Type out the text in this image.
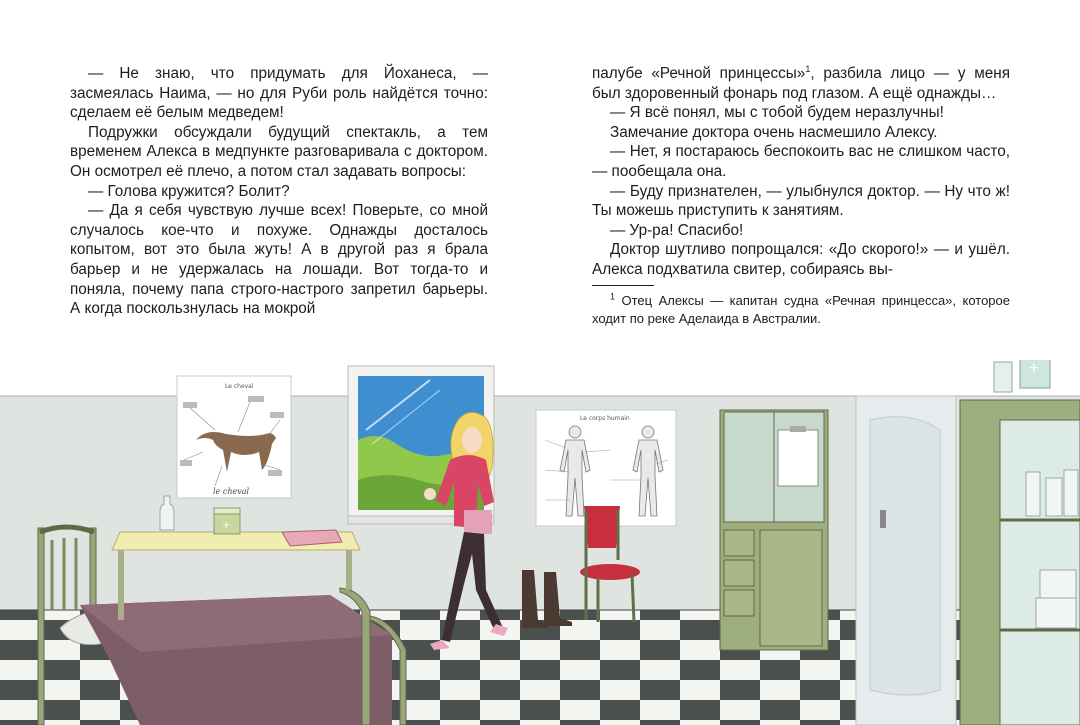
— Не знаю, что придумать для Йоханеса, — засмеялась Наима, — но для Руби роль найдётся точно: сделаем её белым медведем!

Подружки обсуждали будущий спектакль, а тем временем Алекса в медпункте разговаривала с доктором. Он осмотрел её плечо, а потом стал задавать вопросы:

— Голова кружится? Болит?

— Да я себя чувствую лучше всех! Поверьте, со мной случалось кое-что и похуже. Однажды досталось копытом, вот это была жуть! А в другой раз я брала барьер и не удержалась на лошади. Вот тогда-то и поняла, почему папа строго-настрого запретил барьеры. А когда поскользнулась на мокрой

палубе «Речной принцессы»$^1$, разбила лицо — у меня был здоровенный фонарь под глазом. А ещё однажды…

— Я всё понял, мы с тобой будем неразлучны!

Замечание доктора очень насмешило Алексу.

— Нет, я постараюсь беспокоить вас не слишком часто, — пообещала она.

— Буду признателен, — улыбнулся доктор. — Ну что ж! Ты можешь приступить к занятиям.

— Ур-ра! Спасибо!

Доктор шутливо попрощался: «До скорого!» — и ушёл. Алекса подхватила свитер, собираясь вы-

$^1$ Отец Алексы — капитан судна «Речная принцесса», которое ходит по реке Аделаида в Австралии.

Le cheval
le cheval
Le corps humain
+
+
